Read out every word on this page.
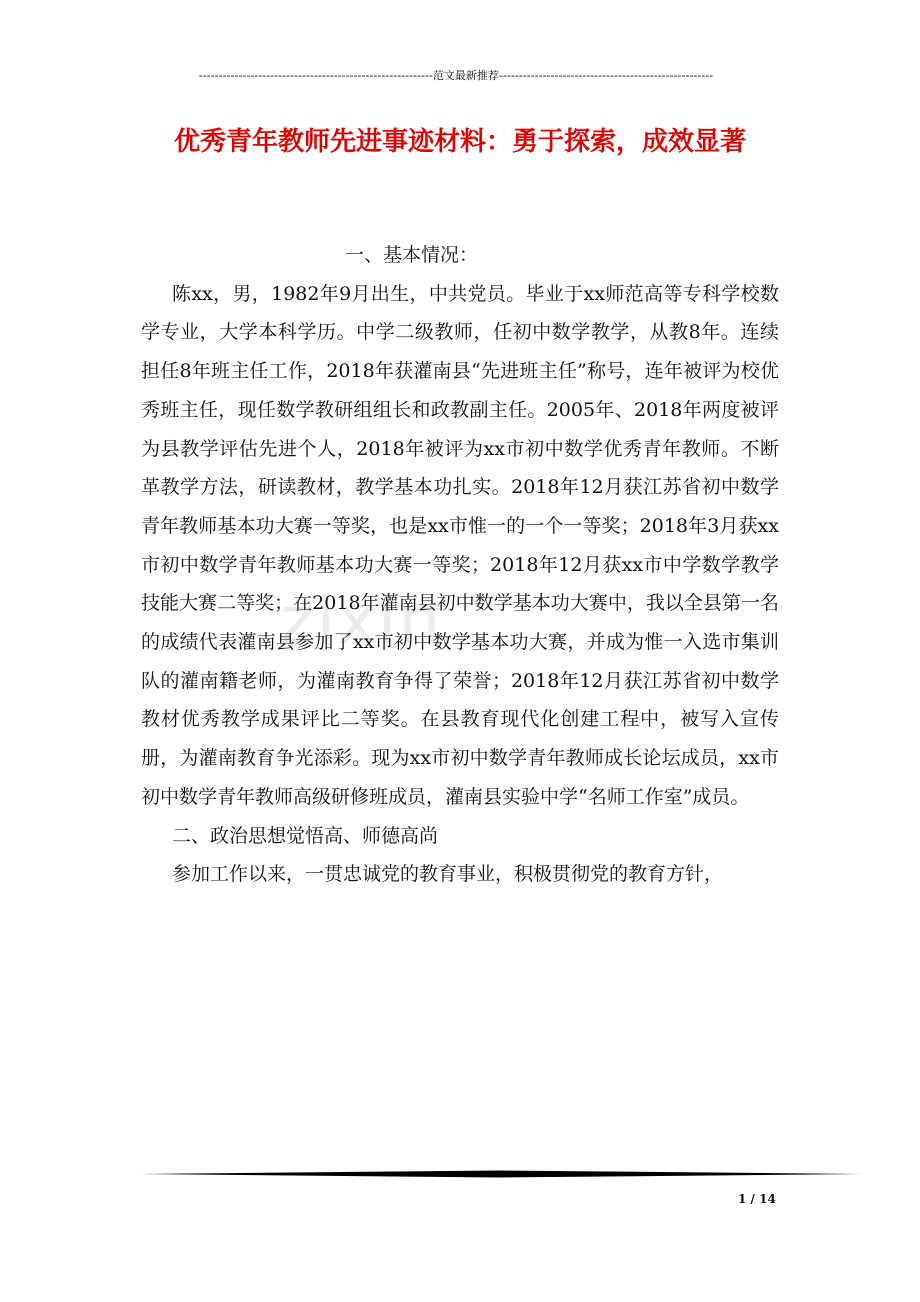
-----------------------------------------------------------范文最新推荐------------------------------------------------------
优秀青年教师先进事迹材料：勇于探索，成效显著
zixin

一、基本情况：

陈xx，男，1982年9月出生，中共党员。毕业于xx师范高等专科学校数学专业，大学本科学历。中学二级教师，任初中数学教学，从教8年。连续担任8年班主任工作，2018年获灌南县“先进班主任”称号，连年被评为校优秀班主任，现任数学教研组组长和政教副主任。2005年、2018年两度被评为县教学评估先进个人，2018年被评为xx市初中数学优秀青年教师。不断革教学方法，研读教材，教学基本功扎实。2018年12月获江苏省初中数学青年教师基本功大赛一等奖，也是xx市惟一的一个一等奖；2018年3月获xx市初中数学青年教师基本功大赛一等奖；2018年12月获xx市中学数学教学技能大赛二等奖；在2018年灌南县初中数学基本功大赛中，我以全县第一名的成绩代表灌南县参加了xx市初中数学基本功大赛，并成为惟一入选市集训队的灌南籍老师，为灌南教育争得了荣誉；2018年12月获江苏省初中数学教材优秀教学成果评比二等奖。在县教育现代化创建工程中，被写入宣传册，为灌南教育争光添彩。现为xx市初中数学青年教师成长论坛成员，xx市初中数学青年教师高级研修班成员，灌南县实验中学“名师工作室”成员。

二、政治思想觉悟高、师德高尚

参加工作以来，一贯忠诚党的教育事业，积极贯彻党的教育方针，

1 / 14
